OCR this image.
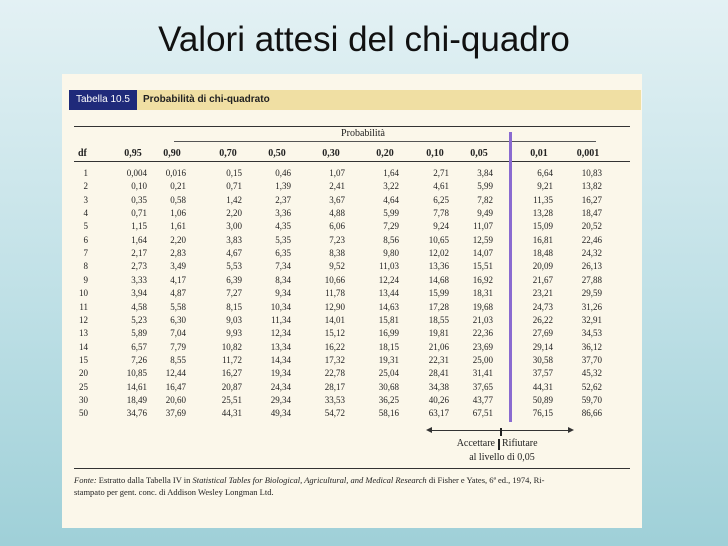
Valori attesi del chi-quadro
Tabella 10.5	Probabilità di chi-quadrato
Probabilità
df	0,95	0,90	0,70	0,50	0,30	0,20	0,10	0,05	0,01	0,001
1	0,004	0,016	0,15	0,46	1,07	1,64	2,71	3,84	6,64	10,83
2	0,10	0,21	0,71	1,39	2,41	3,22	4,61	5,99	9,21	13,82
3	0,35	0,58	1,42	2,37	3,67	4,64	6,25	7,82	11,35	16,27
4	0,71	1,06	2,20	3,36	4,88	5,99	7,78	9,49	13,28	18,47
5	1,15	1,61	3,00	4,35	6,06	7,29	9,24	11,07	15,09	20,52
6	1,64	2,20	3,83	5,35	7,23	8,56	10,65	12,59	16,81	22,46
7	2,17	2,83	4,67	6,35	8,38	9,80	12,02	14,07	18,48	24,32
8	2,73	3,49	5,53	7,34	9,52	11,03	13,36	15,51	20,09	26,13
9	3,33	4,17	6,39	8,34	10,66	12,24	14,68	16,92	21,67	27,88
10	3,94	4,87	7,27	9,34	11,78	13,44	15,99	18,31	23,21	29,59
11	4,58	5,58	8,15	10,34	12,90	14,63	17,28	19,68	24,73	31,26
12	5,23	6,30	9,03	11,34	14,01	15,81	18,55	21,03	26,22	32,91
13	5,89	7,04	9,93	12,34	15,12	16,99	19,81	22,36	27,69	34,53
14	6,57	7,79	10,82	13,34	16,22	18,15	21,06	23,69	29,14	36,12
15	7,26	8,55	11,72	14,34	17,32	19,31	22,31	25,00	30,58	37,70
20	10,85	12,44	16,27	19,34	22,78	25,04	28,41	31,41	37,57	45,32
25	14,61	16,47	20,87	24,34	28,17	30,68	34,38	37,65	44,31	52,62
30	18,49	20,60	25,51	29,34	33,53	36,25	40,26	43,77	50,89	59,70
50	34,76	37,69	44,31	49,34	54,72	58,16	63,17	67,51	76,15	86,66
Accettare Rifiutare
al livello di 0,05
Fonte: Estratto dalla Tabella IV in Statistical Tables for Biological, Agricultural, and Medical Research di Fisher e Yates, 6ª ed., 1974, Ri-
stampato per gent. conc. di Addison Wesley Longman Ltd.
